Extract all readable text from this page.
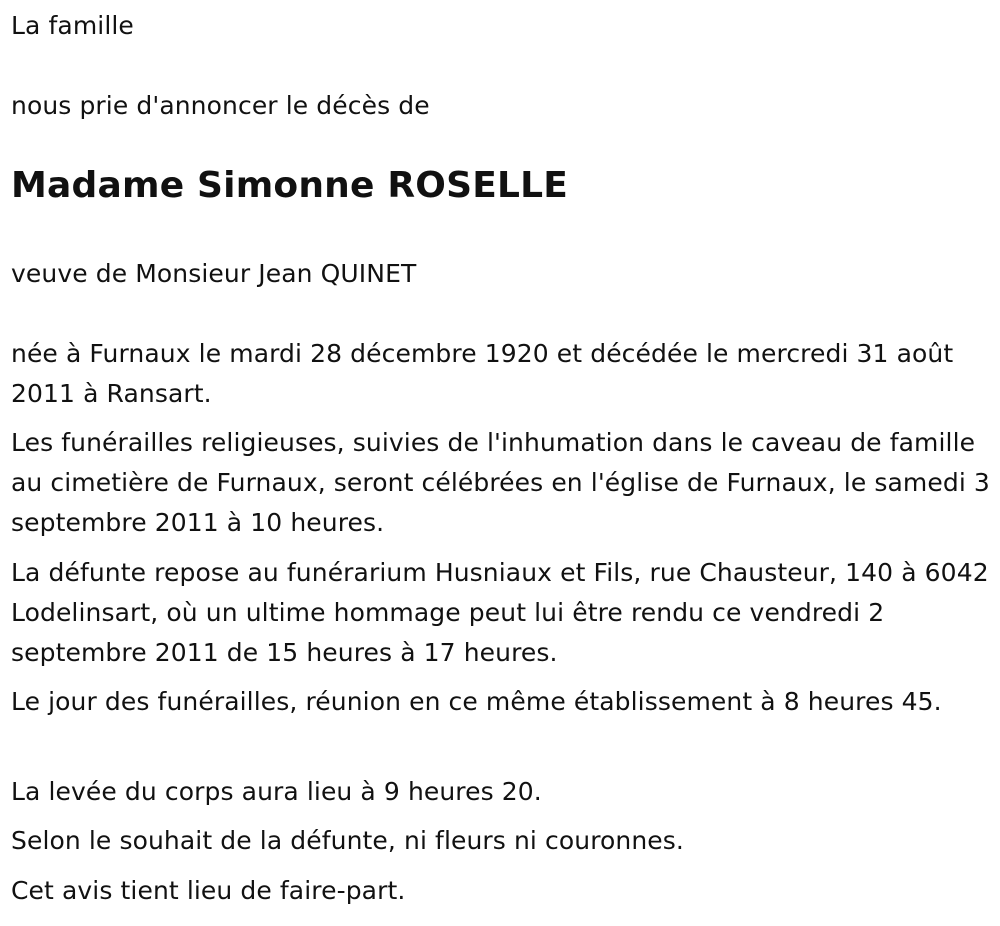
La famille
nous prie d'annoncer le décès de
Madame Simonne ROSELLE
veuve de Monsieur Jean QUINET
née à Furnaux le mardi 28 décembre 1920 et décédée le mercredi 31 août 2011 à Ransart.
Les funérailles religieuses, suivies de l'inhumation dans le caveau de famille au cimetière de Furnaux, seront célébrées en l'église de Furnaux, le samedi 3 septembre 2011 à 10 heures.
La défunte repose au funérarium Husniaux et Fils, rue Chausteur, 140 à 6042 Lodelinsart, où un ultime hommage peut lui être rendu ce vendredi 2 septembre 2011 de 15 heures à 17 heures.
Le jour des funérailles, réunion en ce même établissement à 8 heures 45.
La levée du corps aura lieu à 9 heures 20.
Selon le souhait de la défunte, ni fleurs ni couronnes.
Cet avis tient lieu de faire-part.
